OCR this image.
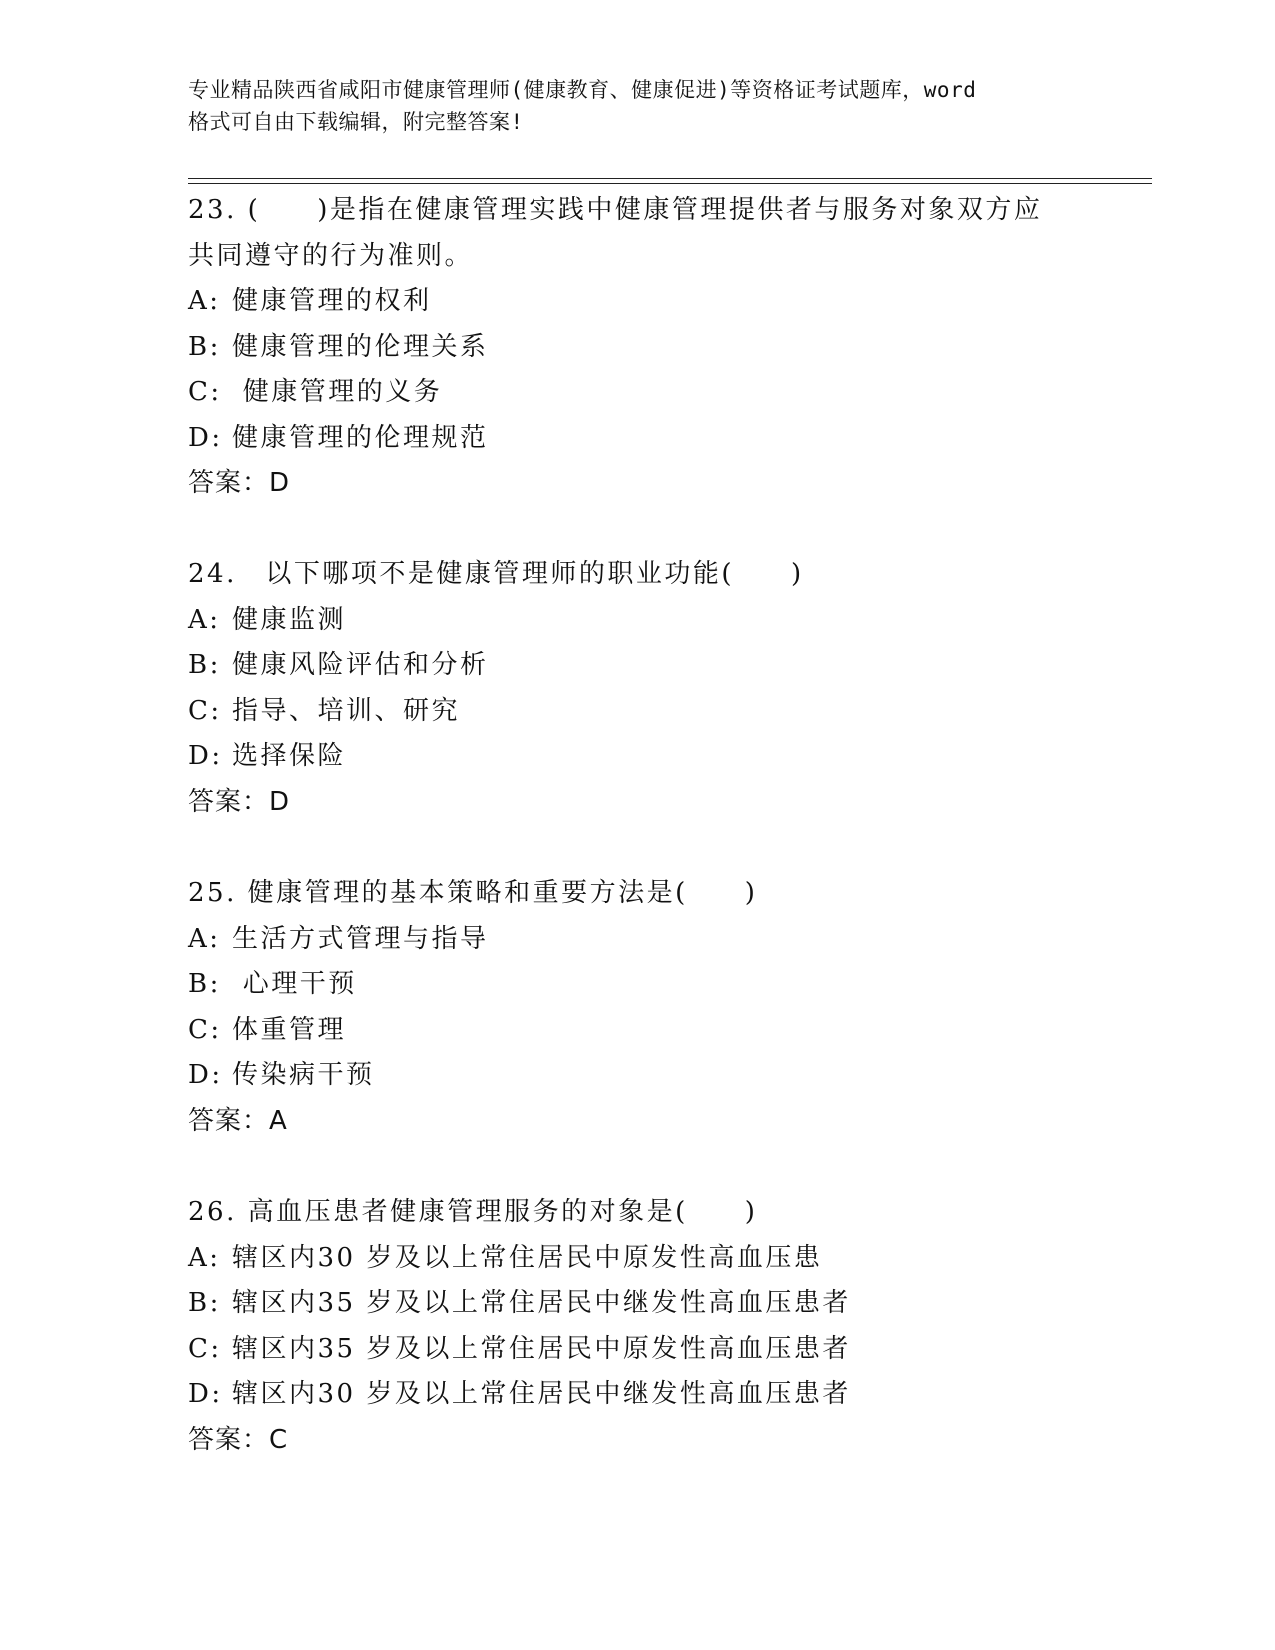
专业精品陕西省咸阳市健康管理师(健康教育、健康促进)等资格证考试题库，word
格式可自由下载编辑，附完整答案!
23. (　　)是指在健康管理实践中健康管理提供者与服务对象双方应
共同遵守的行为准则。
A: 健康管理的权利
B: 健康管理的伦理关系
C: 健康管理的义务
D: 健康管理的伦理规范
答案：D
24.　以下哪项不是健康管理师的职业功能(　　)
A: 健康监测
B: 健康风险评估和分析
C: 指导、培训、研究
D: 选择保险
答案：D
25. 健康管理的基本策略和重要方法是(　　)
A: 生活方式管理与指导
B: 心理干预
C: 体重管理
D: 传染病干预
答案：A
26. 高血压患者健康管理服务的对象是(　　)
A: 辖区内30 岁及以上常住居民中原发性高血压患
B: 辖区内35 岁及以上常住居民中继发性高血压患者
C: 辖区内35 岁及以上常住居民中原发性高血压患者
D: 辖区内30 岁及以上常住居民中继发性高血压患者
答案：C
